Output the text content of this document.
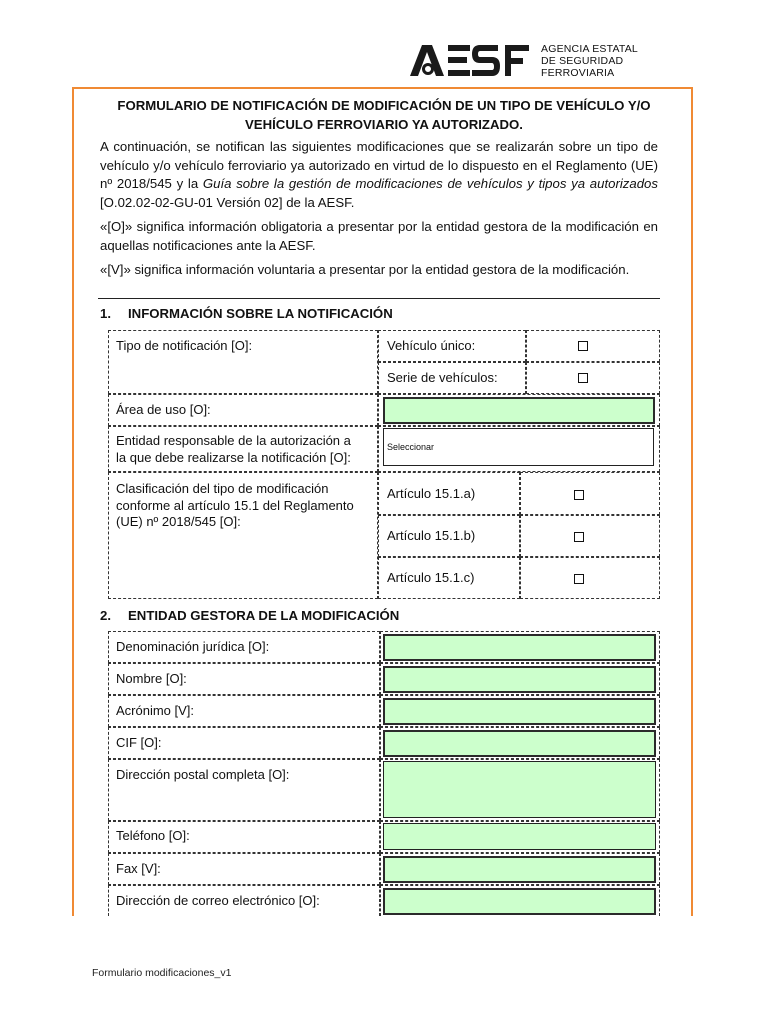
AGENCIA ESTATAL
DE SEGURIDAD FERROVIARIA
FORMULARIO DE NOTIFICACIÓN DE MODIFICACIÓN DE UN TIPO DE VEHÍCULO Y/O
VEHÍCULO FERROVIARIO YA AUTORIZADO.
A continuación, se notifican las siguientes modificaciones que se realizarán sobre un tipo de vehículo y/o vehículo ferroviario ya autorizado en virtud de lo dispuesto en el Reglamento (UE) nº 2018/545 y la Guía sobre la gestión de modificaciones de vehículos y tipos ya autorizados [O.02.02-02-GU-01 Versión 02] de la AESF.
«[O]» significa información obligatoria a presentar por la entidad gestora de la modificación en aquellas notificaciones ante la AESF.
«[V]» significa información voluntaria a presentar por la entidad gestora de la modificación.
1. INFORMACIÓN SOBRE LA NOTIFICACIÓN
Tipo de notificación [O]:	Vehículo único:
Serie de vehículos:
Área de uso [O]:
Entidad responsable de la autorización a
la que debe realizarse la notificación [O]:
Seleccionar
Clasificación del tipo de modificación
conforme al artículo 15.1 del Reglamento
(UE) nº 2018/545 [O]:
Artículo 15.1.a)
Artículo 15.1.b)
Artículo 15.1.c)
2. ENTIDAD GESTORA DE LA MODIFICACIÓN
Denominación jurídica [O]:
Nombre [O]:
Acrónimo [V]:
CIF [O]:
Dirección postal completa [O]:
Teléfono [O]:
Fax [V]:
Dirección de correo electrónico [O]:
Formulario modificaciones_v1
